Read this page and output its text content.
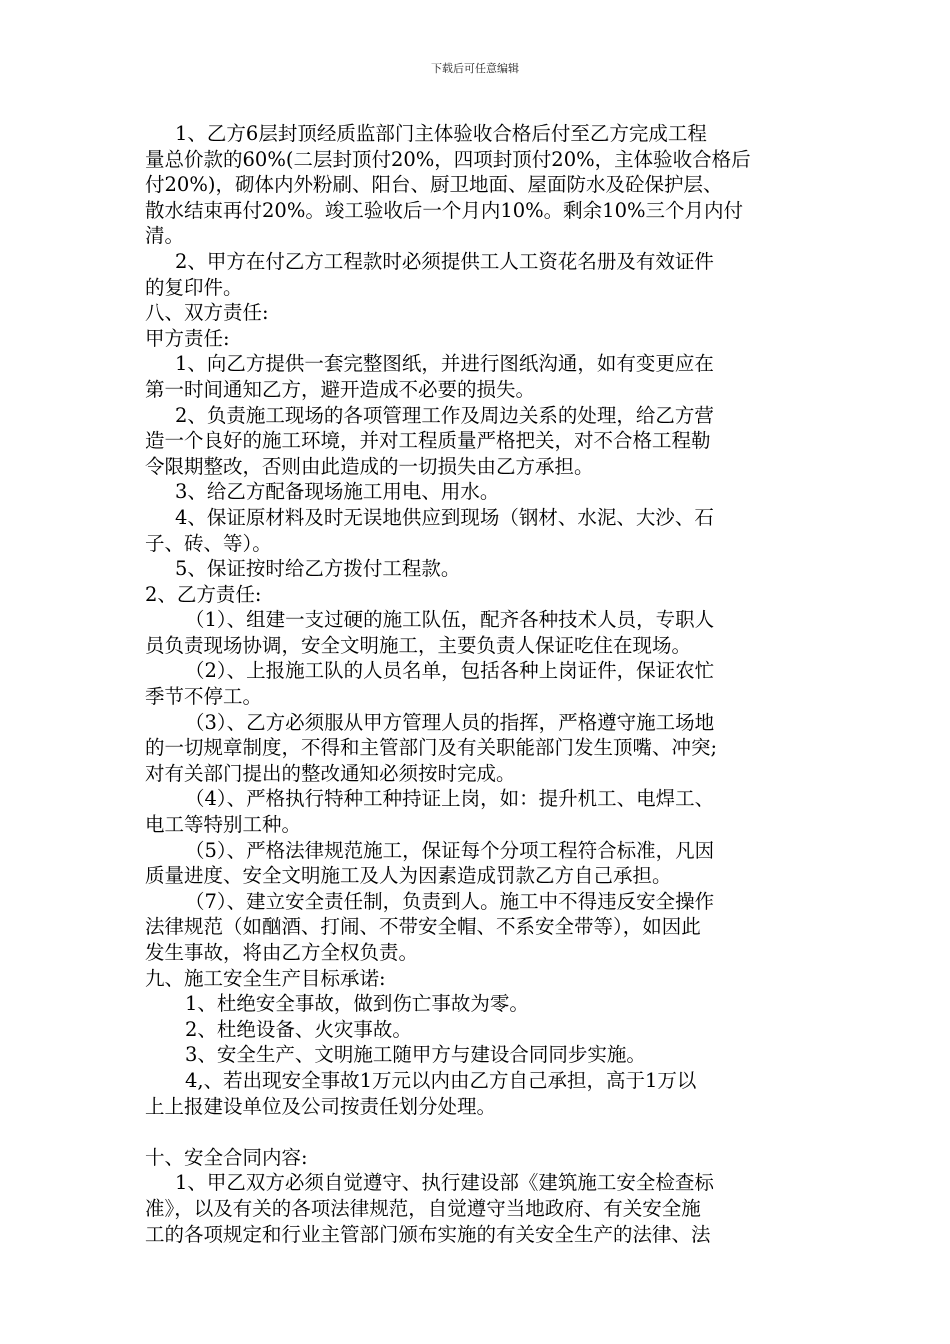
下载后可任意编辑
1、乙方6层封顶经质监部门主体验收合格后付至乙方完成工程
量总价款的60%(二层封顶付20%，四项封顶付20%，主体验收合格后
付20%)，砌体内外粉刷、阳台、厨卫地面、屋面防水及砼保护层、
散水结束再付20%。竣工验收后一个月内10%。剩余10%三个月内付
清。
2、甲方在付乙方工程款时必须提供工人工资花名册及有效证件
的复印件。
八、双方责任:
甲方责任:
1、向乙方提供一套完整图纸，并进行图纸沟通，如有变更应在
第一时间通知乙方，避开造成不必要的损失。
2、负责施工现场的各项管理工作及周边关系的处理，给乙方营
造一个良好的施工环境，并对工程质量严格把关，对不合格工程勒
令限期整改，否则由此造成的一切损失由乙方承担。
3、给乙方配备现场施工用电、用水。
4、保证原材料及时无误地供应到现场（钢材、水泥、大沙、石
子、砖、等）。
5、保证按时给乙方拨付工程款。
2、乙方责任:
（1）、组建一支过硬的施工队伍，配齐各种技术人员，专职人
员负责现场协调，安全文明施工，主要负责人保证吃住在现场。
（2）、上报施工队的人员名单，包括各种上岗证件，保证农忙
季节不停工。
（3）、乙方必须服从甲方管理人员的指挥，严格遵守施工场地
的一切规章制度，不得和主管部门及有关职能部门发生顶嘴、冲突;
对有关部门提出的整改通知必须按时完成。
（4）、严格执行特种工种持证上岗，如：提升机工、电焊工、
电工等特别工种。
（5）、严格法律规范施工，保证每个分项工程符合标准，凡因
质量进度、安全文明施工及人为因素造成罚款乙方自己承担。
（7）、建立安全责任制，负责到人。施工中不得违反安全操作
法律规范（如酗酒、打闹、不带安全帽、不系安全带等），如因此
发生事故，将由乙方全权负责。
九、施工安全生产目标承诺:
1、杜绝安全事故，做到伤亡事故为零。
2、杜绝设备、火灾事故。
3、安全生产、文明施工随甲方与建设合同同步实施。
4,、若出现安全事故1万元以内由乙方自己承担，高于1万以
上上报建设单位及公司按责任划分处理。
十、安全合同内容:
1、甲乙双方必须自觉遵守、执行建设部《建筑施工安全检查标
准》，以及有关的各项法律规范，自觉遵守当地政府、有关安全施
工的各项规定和行业主管部门颁布实施的有关安全生产的法律、法
